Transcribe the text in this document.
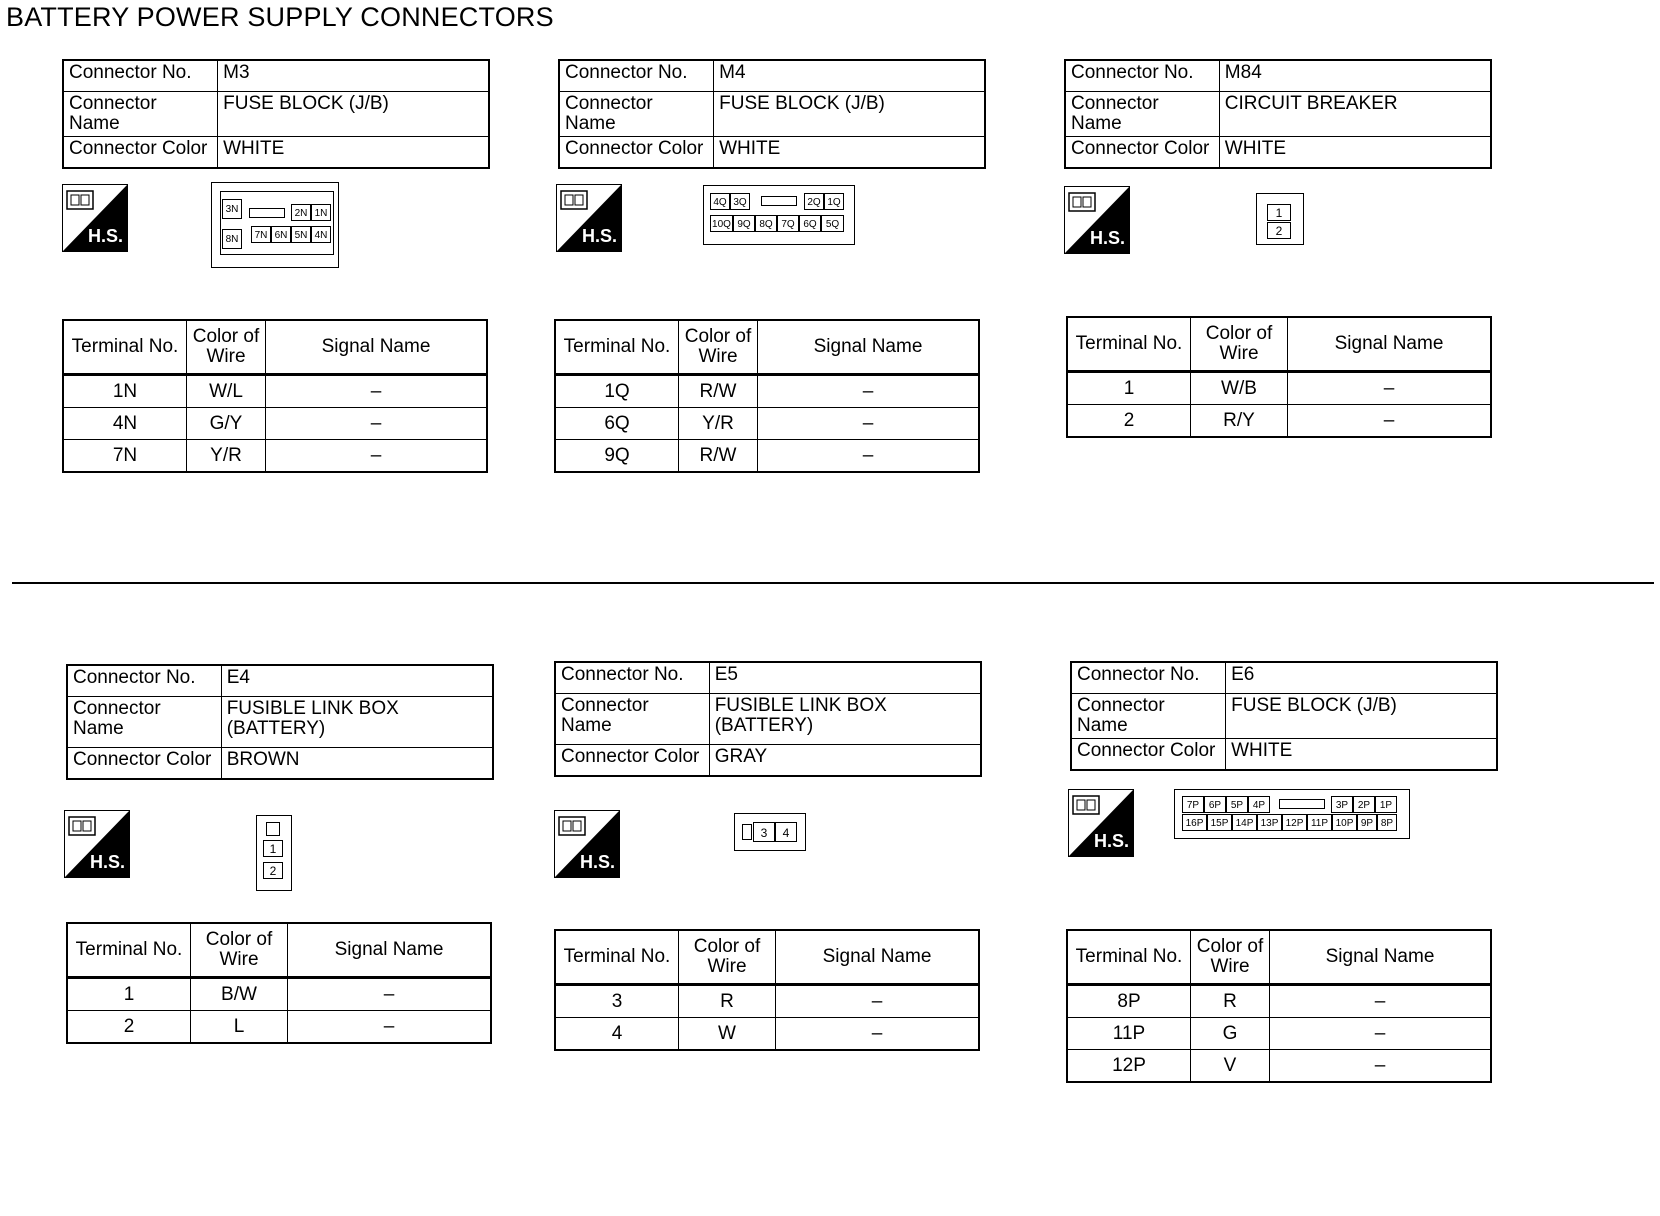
BATTERY POWER SUPPLY CONNECTORS
Connector No.	M3
Connector Name	FUSE BLOCK (J/B)
Connector Color	WHITE
H.S.
3N	2N 1N
8N	7N 6N 5N 4N
Terminal No.	Color of Wire	Signal Name
1N	W/L	–
4N	G/Y	–
7N	Y/R	–
Connector No.	M4
Connector Name	FUSE BLOCK (J/B)
Connector Color	WHITE
H.S.
4Q 3Q	2Q 1Q
10Q 9Q 8Q 7Q 6Q 5Q
Terminal No.	Color of Wire	Signal Name
1Q	R/W	–
6Q	Y/R	–
9Q	R/W	–
Connector No.	M84
Connector Name	CIRCUIT BREAKER
Connector Color	WHITE
H.S.
1
2
Terminal No.	Color of Wire	Signal Name
1	W/B	–
2	R/Y	–
Connector No.	E4
Connector Name	FUSIBLE LINK BOX (BATTERY)
Connector Color	BROWN
H.S.
1
2
Terminal No.	Color of Wire	Signal Name
1	B/W	–
2	L	–
Connector No.	E5
Connector Name	FUSIBLE LINK BOX (BATTERY)
Connector Color	GRAY
H.S.
3	4
Terminal No.	Color of Wire	Signal Name
3	R	–
4	W	–
Connector No.	E6
Connector Name	FUSE BLOCK (J/B)
Connector Color	WHITE
H.S.
7P 6P 5P 4P	3P 2P 1P
16P 15P 14P 13P 12P 11P 10P 9P 8P
Terminal No.	Color of Wire	Signal Name
8P	R	–
11P	G	–
12P	V	–
